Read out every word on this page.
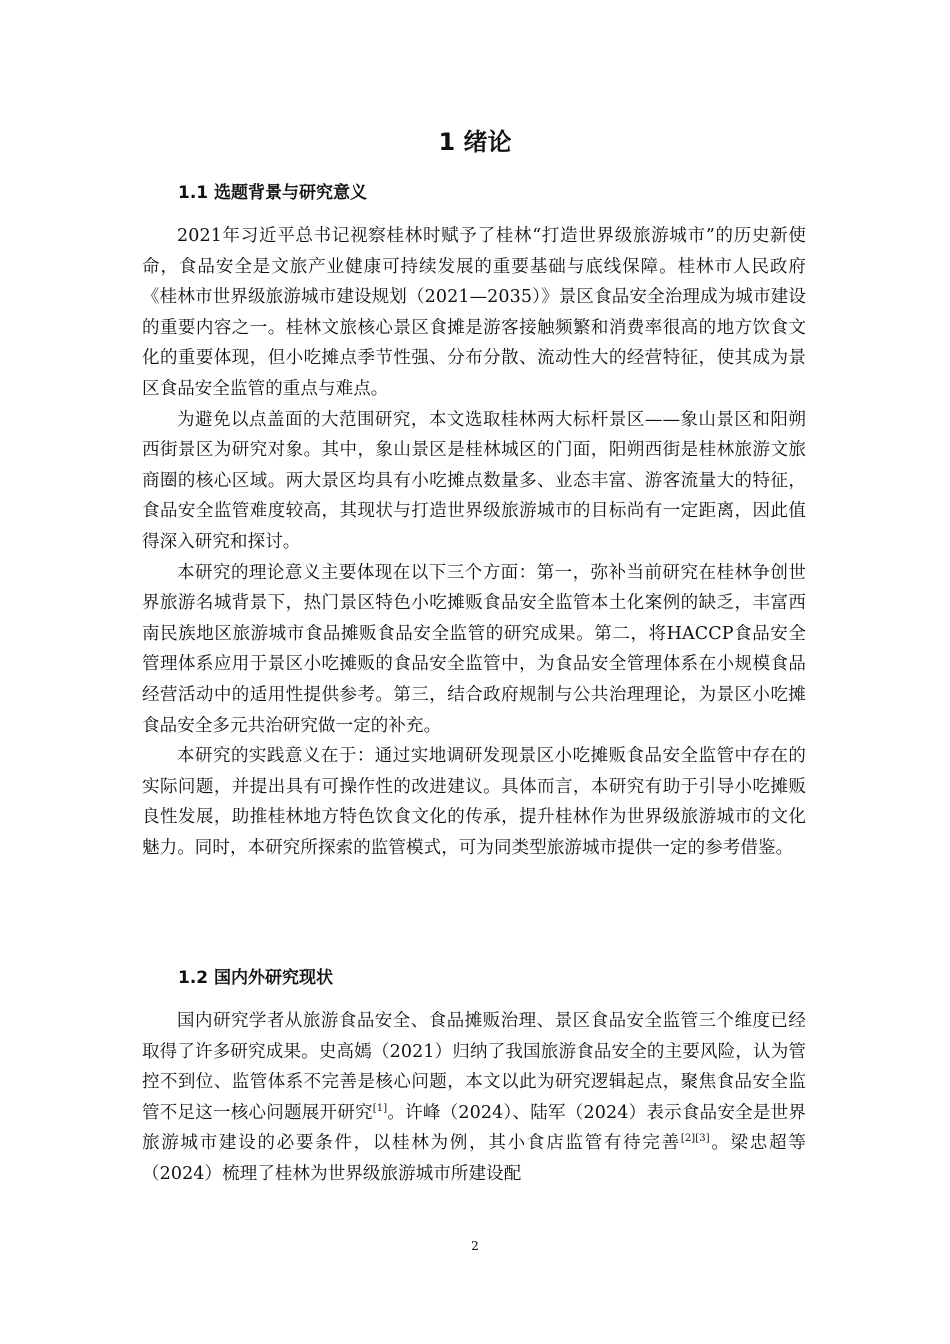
1 绪论
1.1 选题背景与研究意义

2021年习近平总书记视察桂林时赋予了桂林“打造世界级旅游城市”的历史新使命，食品安全是文旅产业健康可持续发展的重要基础与底线保障。桂林市人民政府《桂林市世界级旅游城市建设规划（2021—2035）》景区食品安全治理成为城市建设的重要内容之一。桂林文旅核心景区食摊是游客接触频繁和消费率很高的地方饮食文化的重要体现，但小吃摊点季节性强、分布分散、流动性大的经营特征，使其成为景区食品安全监管的重点与难点。

为避免以点盖面的大范围研究，本文选取桂林两大标杆景区——象山景区和阳朔西街景区为研究对象。其中，象山景区是桂林城区的门面，阳朔西街是桂林旅游文旅商圈的核心区域。两大景区均具有小吃摊点数量多、业态丰富、游客流量大的特征，食品安全监管难度较高，其现状与打造世界级旅游城市的目标尚有一定距离，因此值得深入研究和探讨。

本研究的理论意义主要体现在以下三个方面：第一，弥补当前研究在桂林争创世界旅游名城背景下，热门景区特色小吃摊贩食品安全监管本土化案例的缺乏，丰富西南民族地区旅游城市食品摊贩食品安全监管的研究成果。第二，将HACCP食品安全管理体系应用于景区小吃摊贩的食品安全监管中，为食品安全管理体系在小规模食品经营活动中的适用性提供参考。第三，结合政府规制与公共治理理论，为景区小吃摊食品安全多元共治研究做一定的补充。

本研究的实践意义在于：通过实地调研发现景区小吃摊贩食品安全监管中存在的实际问题，并提出具有可操作性的改进建议。具体而言，本研究有助于引导小吃摊贩良性发展，助推桂林地方特色饮食文化的传承，提升桂林作为世界级旅游城市的文化魅力。同时，本研究所探索的监管模式，可为同类型旅游城市提供一定的参考借鉴。

1.2 国内外研究现状

国内研究学者从旅游食品安全、食品摊贩治理、景区食品安全监管三个维度已经取得了许多研究成果。史高嫣（2021）归纳了我国旅游食品安全的主要风险，认为管控不到位、监管体系不完善是核心问题，本文以此为研究逻辑起点，聚焦食品安全监管不足这一核心问题展开研究[1]。许峰（2024）、陆军（2024）表示食品安全是世界旅游城市建设的必要条件，以桂林为例，其小食店监管有待完善[2][3]。梁忠超等（2024）梳理了桂林为世界级旅游城市所建设配

2
